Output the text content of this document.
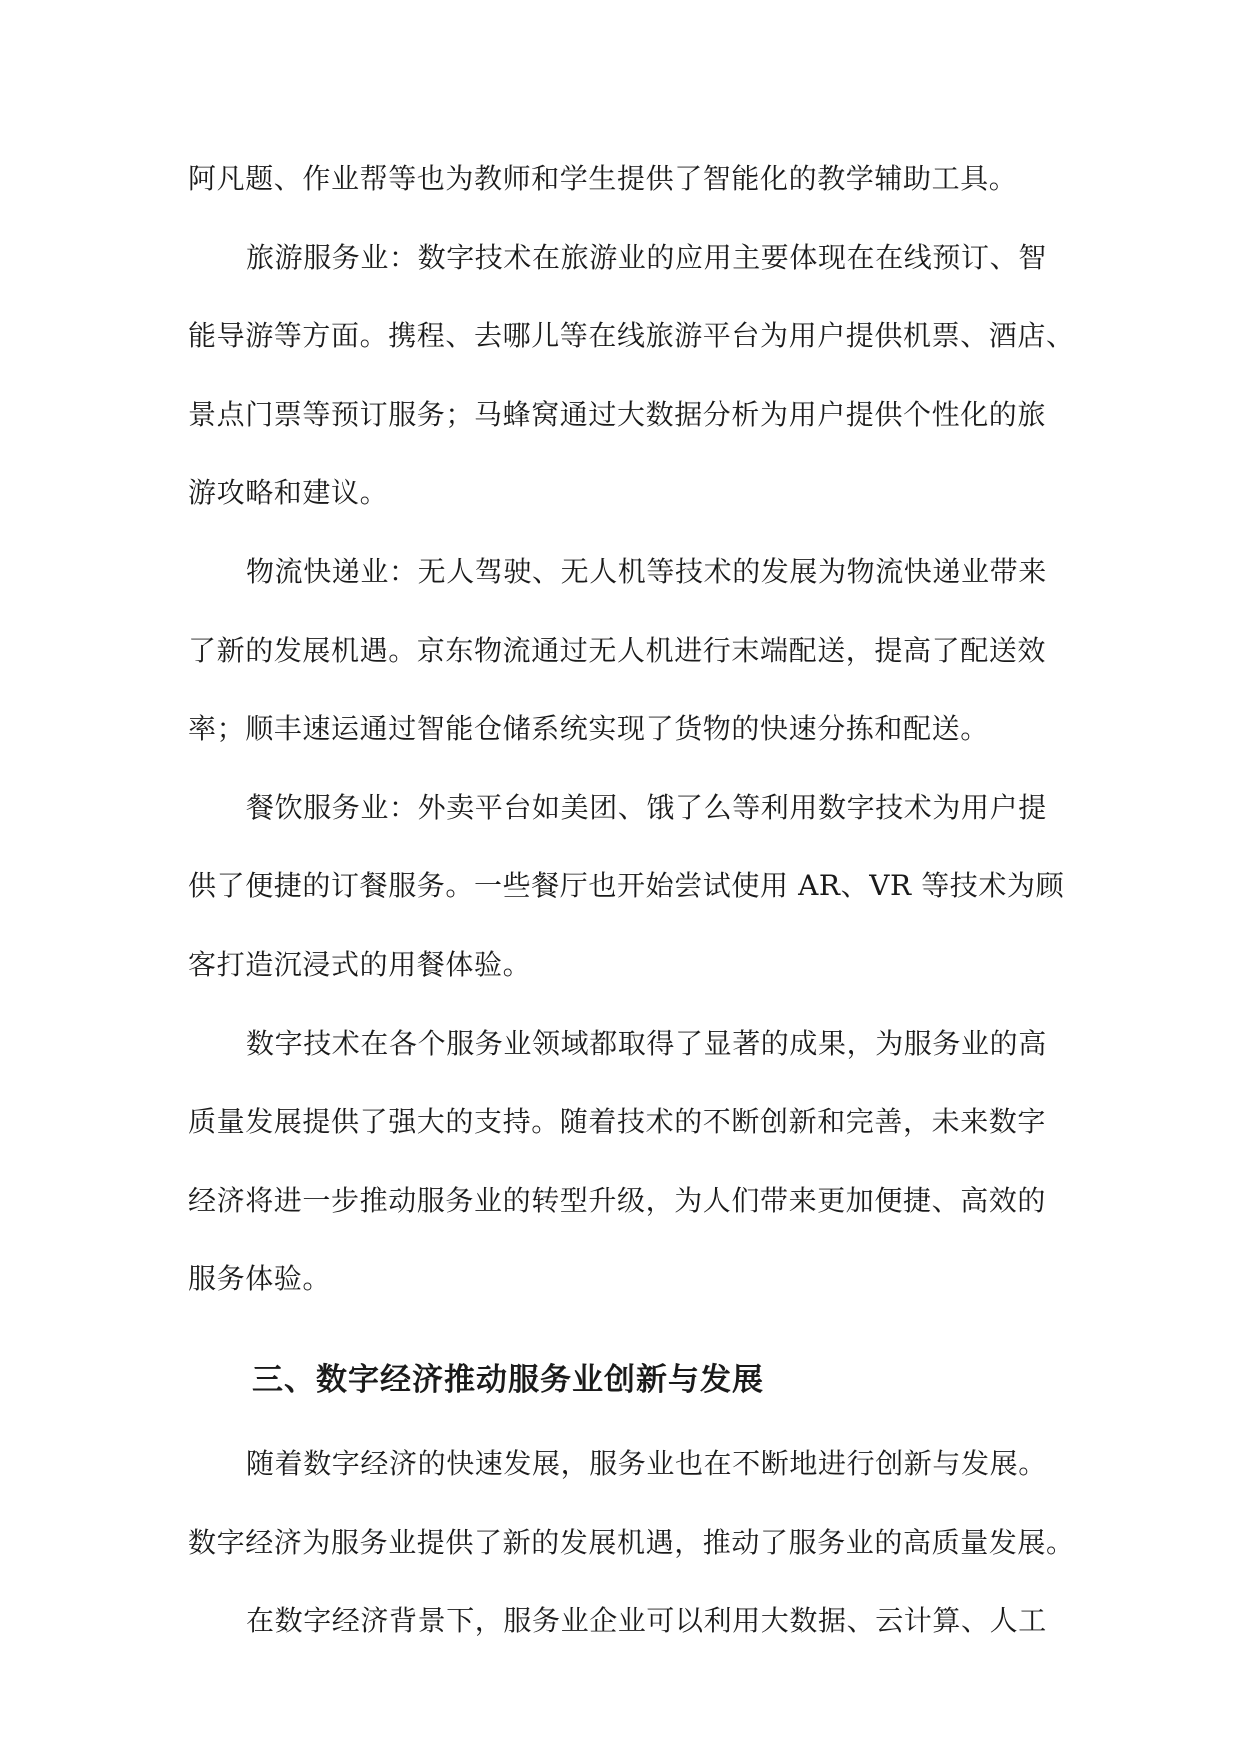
阿凡题、作业帮等也为教师和学生提供了智能化的教学辅助工具。
旅游服务业：数字技术在旅游业的应用主要体现在在线预订、智
能导游等方面。携程、去哪儿等在线旅游平台为用户提供机票、酒店、
景点门票等预订服务；马蜂窝通过大数据分析为用户提供个性化的旅
游攻略和建议。
物流快递业：无人驾驶、无人机等技术的发展为物流快递业带来
了新的发展机遇。京东物流通过无人机进行末端配送，提高了配送效
率；顺丰速运通过智能仓储系统实现了货物的快速分拣和配送。
餐饮服务业：外卖平台如美团、饿了么等利用数字技术为用户提
供了便捷的订餐服务。一些餐厅也开始尝试使用 AR、VR 等技术为顾
客打造沉浸式的用餐体验。
数字技术在各个服务业领域都取得了显著的成果，为服务业的高
质量发展提供了强大的支持。随着技术的不断创新和完善，未来数字
经济将进一步推动服务业的转型升级，为人们带来更加便捷、高效的
服务体验。
三、数字经济推动服务业创新与发展
随着数字经济的快速发展，服务业也在不断地进行创新与发展。
数字经济为服务业提供了新的发展机遇，推动了服务业的高质量发展。
在数字经济背景下，服务业企业可以利用大数据、云计算、人工
